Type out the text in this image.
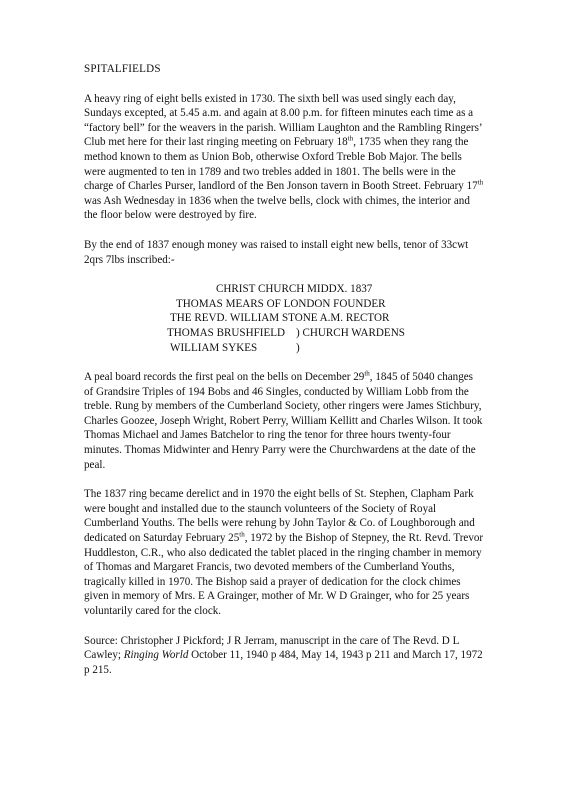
SPITALFIELDS

A heavy ring of eight bells existed in 1730. The sixth bell was used singly each day, Sundays excepted, at 5.45 a.m. and again at 8.00 p.m. for fifteen minutes each time as a “factory bell” for the weavers in the parish. William Laughton and the Rambling Ringers’ Club met here for their last ringing meeting on February 18th, 1735 when they rang the method known to them as Union Bob, otherwise Oxford Treble Bob Major. The bells were augmented to ten in 1789 and two trebles added in 1801. The bells were in the charge of Charles Purser, landlord of the Ben Jonson tavern in Booth Street. February 17th was Ash Wednesday in 1836 when the twelve bells, clock with chimes, the interior and the floor below were destroyed by fire.

By the end of 1837 enough money was raised to install eight new bells, tenor of 33cwt 2qrs 7lbs inscribed:-

CHRIST CHURCH MIDDX. 1837
THOMAS MEARS OF LONDON FOUNDER
THE REVD. WILLIAM STONE A.M. RECTOR
THOMAS BRUSHFIELD ) CHURCH WARDENS
WILLIAM SYKES	)

A peal board records the first peal on the bells on December 29th, 1845 of 5040 changes of Grandsire Triples of 194 Bobs and 46 Singles, conducted by William Lobb from the treble. Rung by members of the Cumberland Society, other ringers were James Stichbury, Charles Goozee, Joseph Wright, Robert Perry, William Kellitt and Charles Wilson. It took Thomas Michael and James Batchelor to ring the tenor for three hours twenty-four minutes. Thomas Midwinter and Henry Parry were the Churchwardens at the date of the peal.

The 1837 ring became derelict and in 1970 the eight bells of St. Stephen, Clapham Park were bought and installed due to the staunch volunteers of the Society of Royal Cumberland Youths. The bells were rehung by John Taylor & Co. of Loughborough and dedicated on Saturday February 25th, 1972 by the Bishop of Stepney, the Rt. Revd. Trevor Huddleston, C.R., who also dedicated the tablet placed in the ringing chamber in memory of Thomas and Margaret Francis, two devoted members of the Cumberland Youths, tragically killed in 1970. The Bishop said a prayer of dedication for the clock chimes given in memory of Mrs. E A Grainger, mother of Mr. W D Grainger, who for 25 years voluntarily cared for the clock.

Source: Christopher J Pickford; J R Jerram, manuscript in the care of The Revd. D L Cawley; Ringing World October 11, 1940 p 484, May 14, 1943 p 211 and March 17, 1972 p 215.
